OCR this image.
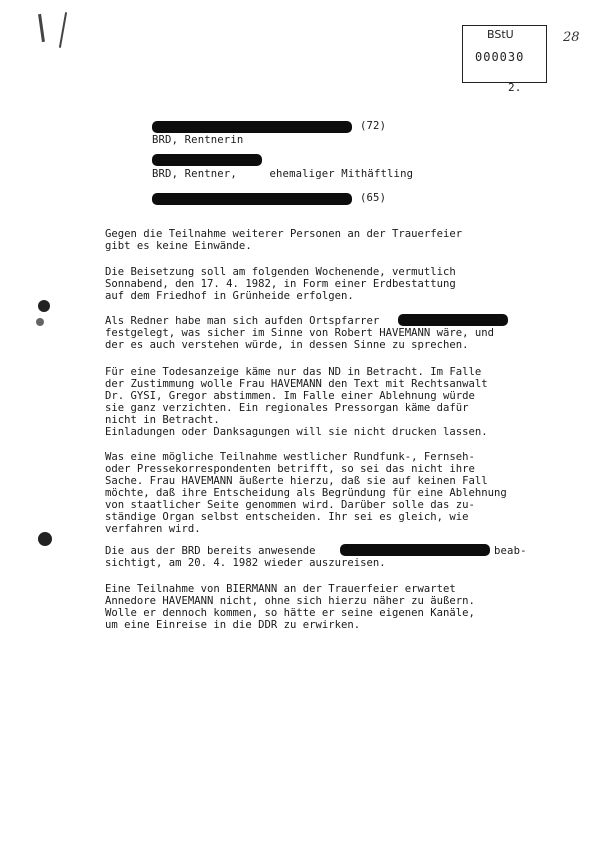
BStU
000030
28
2.
(72)
BRD, Rentnerin
BRD, Rentner,     ehemaliger Mithäftling
(65)
Gegen die Teilnahme weiterer Personen an der Trauerfeier
gibt es keine Einwände.
Die Beisetzung soll am folgenden Wochenende, vermutlich
Sonnabend, den 17. 4. 1982, in Form einer Erdbestattung
auf dem Friedhof in Grünheide erfolgen.
Als Redner habe man sich aufden Ortspfarrer
festgelegt, was sicher im Sinne von Robert HAVEMANN wäre, und
der es auch verstehen würde, in dessen Sinne zu sprechen.
Für eine Todesanzeige käme nur das ND in Betracht. Im Falle
der Zustimmung wolle Frau HAVEMANN den Text mit Rechtsanwalt
Dr. GYSI, Gregor abstimmen. Im Falle einer Ablehnung würde
sie ganz verzichten. Ein regionales Pressorgan käme dafür
nicht in Betracht.
Einladungen oder Danksagungen will sie nicht drucken lassen.
Was eine mögliche Teilnahme westlicher Rundfunk-, Fernseh-
oder Pressekorrespondenten betrifft, so sei das nicht ihre
Sache. Frau HAVEMANN äußerte hierzu, daß sie auf keinen Fall
möchte, daß ihre Entscheidung als Begründung für eine Ablehnung
von staatlicher Seite genommen wird. Darüber solle das zu-
ständige Organ selbst entscheiden. Ihr sei es gleich, wie
verfahren wird.
Die aus der BRD bereits anwesende
sichtigt, am 20. 4. 1982 wieder auszureisen.
beab-
Eine Teilnahme von BIERMANN an der Trauerfeier erwartet
Annedore HAVEMANN nicht, ohne sich hierzu näher zu äußern.
Wolle er dennoch kommen, so hätte er seine eigenen Kanäle,
um eine Einreise in die DDR zu erwirken.
